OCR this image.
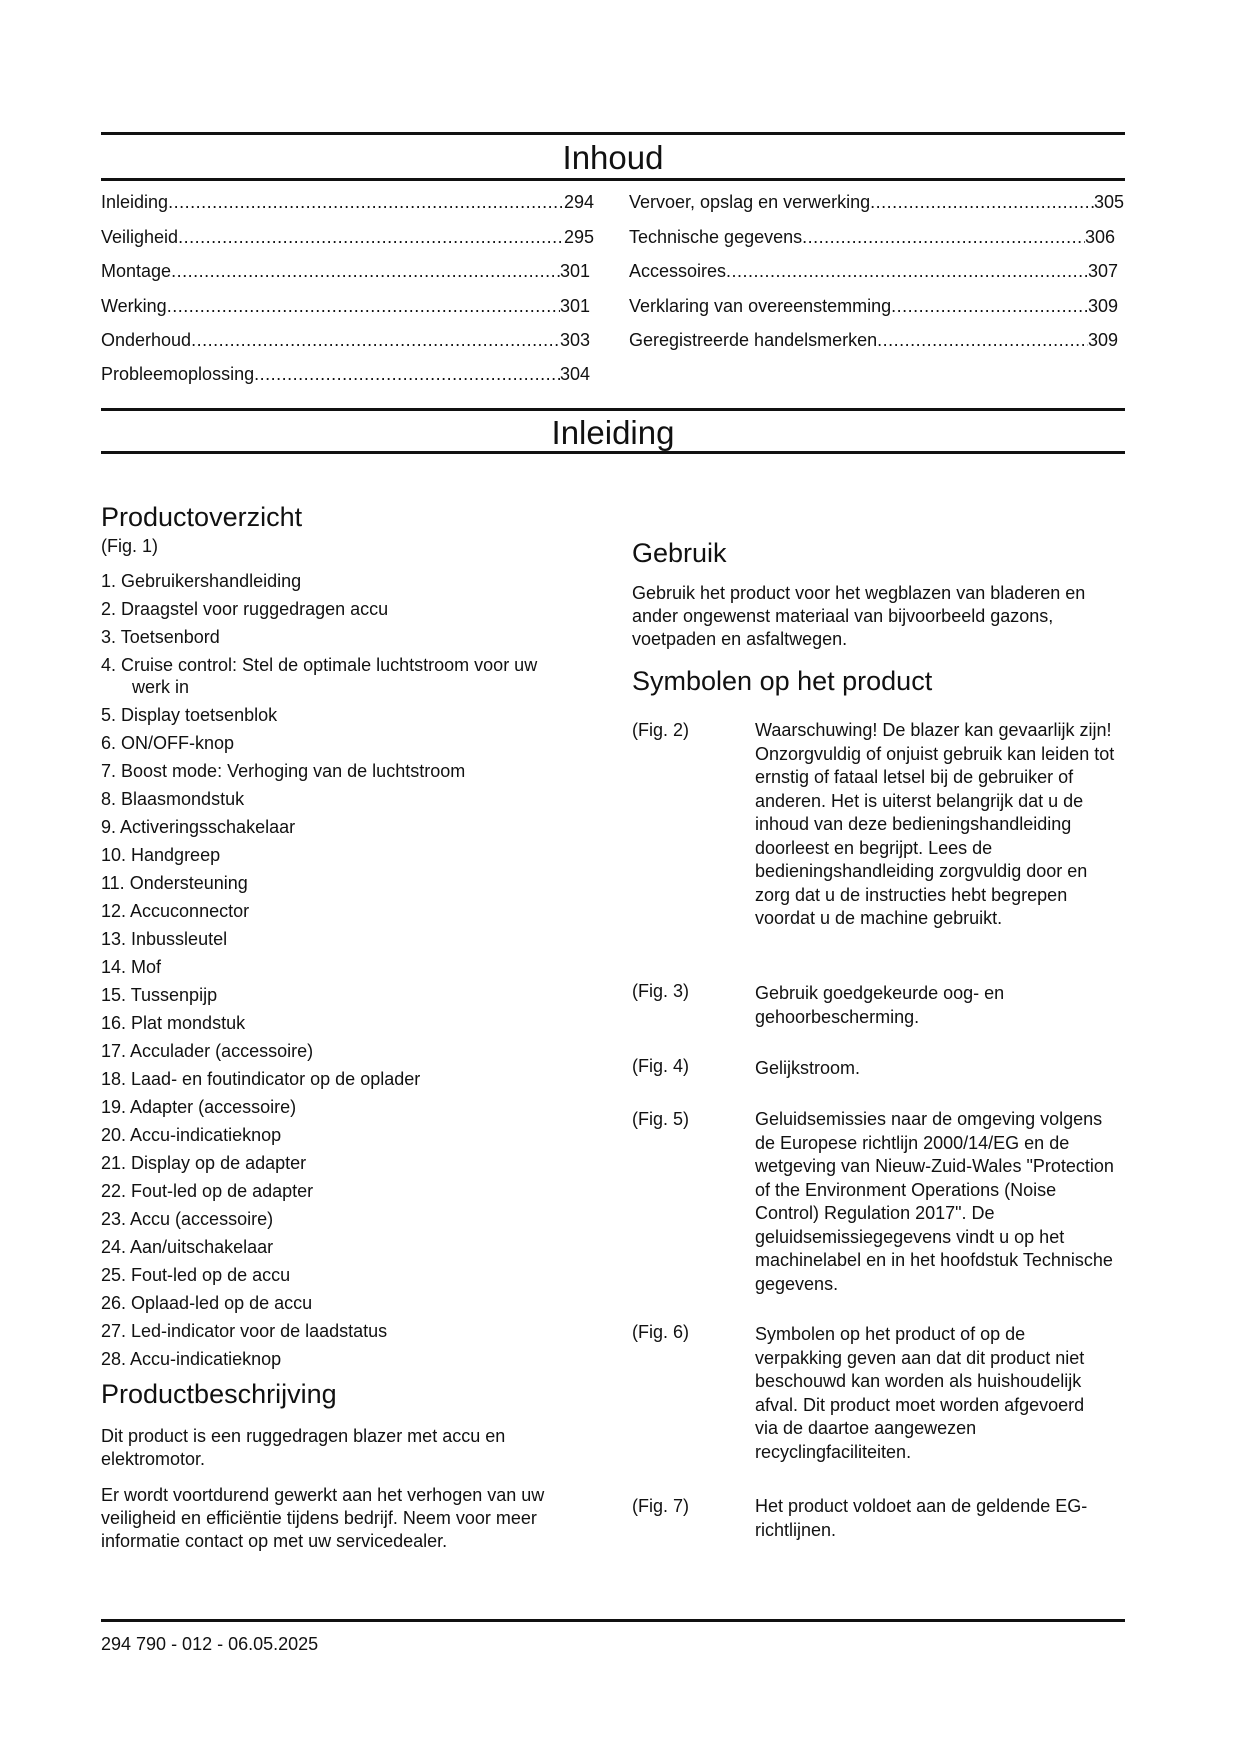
Inhoud
Inleiding .....	294
Veiligheid .....	295
Montage .....	301
Werking .....	301
Onderhoud .....	303
Probleemoplossing .....	304
Vervoer, opslag en verwerking .....	305
Technische gegevens .....	306
Accessoires .....	307
Verklaring van overeenstemming .....	309
Geregistreerde handelsmerken .....	309
Inleiding
Productoverzicht
(Fig. 1)
1. Gebruikershandleiding
2. Draagstel voor ruggedragen accu
3. Toetsenbord
4. Cruise control: Stel de optimale luchtstroom voor uw
werk in
5. Display toetsenblok
6. ON/OFF-knop
7. Boost mode: Verhoging van de luchtstroom
8. Blaasmondstuk
9. Activeringsschakelaar
10. Handgreep
11. Ondersteuning
12. Accuconnector
13. Inbussleutel
14. Mof
15. Tussenpijp
16. Plat mondstuk
17. Acculader (accessoire)
18. Laad- en foutindicator op de oplader
19. Adapter (accessoire)
20. Accu-indicatieknop
21. Display op de adapter
22. Fout-led op de adapter
23. Accu (accessoire)
24. Aan/uitschakelaar
25. Fout-led op de accu
26. Oplaad-led op de accu
27. Led-indicator voor de laadstatus
28. Accu-indicatieknop
Productbeschrijving
Dit product is een ruggedragen blazer met accu en elektromotor.
Er wordt voortdurend gewerkt aan het verhogen van uw veiligheid en efficiëntie tijdens bedrijf. Neem voor meer informatie contact op met uw servicedealer.
Gebruik
Gebruik het product voor het wegblazen van bladeren en ander ongewenst materiaal van bijvoorbeeld gazons, voetpaden en asfaltwegen.
Symbolen op het product
(Fig. 2)	Waarschuwing! De blazer kan gevaarlijk zijn! Onzorgvuldig of onjuist gebruik kan leiden tot ernstig of fataal letsel bij de gebruiker of anderen. Het is uiterst belangrijk dat u de inhoud van deze bedieningshandleiding doorleest en begrijpt. Lees de bedieningshandleiding zorgvuldig door en zorg dat u de instructies hebt begrepen voordat u de machine gebruikt.
(Fig. 3)	Gebruik goedgekeurde oog- en gehoorbescherming.
(Fig. 4)	Gelijkstroom.
(Fig. 5)	Geluidsemissies naar de omgeving volgens de Europese richtlijn 2000/14/EG en de wetgeving van Nieuw-Zuid-Wales "Protection of the Environment Operations (Noise Control) Regulation 2017". De geluidsemissiegegevens vindt u op het machinelabel en in het hoofdstuk Technische gegevens.
(Fig. 6)	Symbolen op het product of op de verpakking geven aan dat dit product niet beschouwd kan worden als huishoudelijk afval. Dit product moet worden afgevoerd via de daartoe aangewezen recyclingfaciliteiten.
(Fig. 7)	Het product voldoet aan de geldende EG-richtlijnen.
294 790 - 012 - 06.05.2025
